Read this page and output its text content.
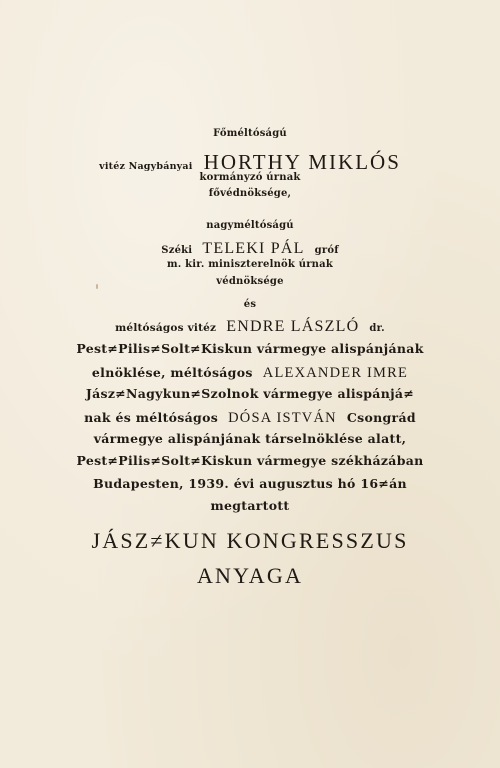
Főméltóságú
vitéz Nagybányai HORTHY MIKLÓS
kormányzó úrnak
fővédnöksége,
nagyméltóságú
Széki TELEKI PÁL gróf
m. kir. miniszterelnök úrnak
védnöksége
és
méltóságos vitéz ENDRE LÁSZLÓ dr.
Pest≠Pilis≠Solt≠Kiskun vármegye alispánjának
elnöklése, méltóságos ALEXANDER IMRE
Jász≠Nagykun≠Szolnok vármegye alispánjá≠
nak és méltóságos DÓSA ISTVÁN Csongrád
vármegye alispánjának társelnöklése alatt,
Pest≠Pilis≠Solt≠Kiskun vármegye székházában
Budapesten, 1939. évi augusztus hó 16≠án
megtartott
JÁSZ≠KUN KONGRESSZUS
ANYAGA
